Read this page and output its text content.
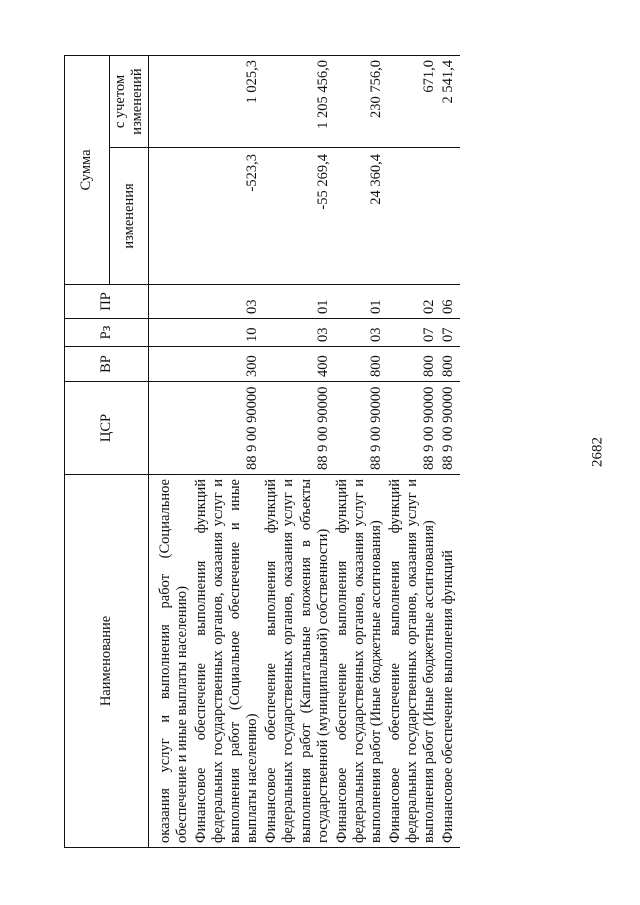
2682
Наименование	ЦСР	ВР	Рз	ПР	Сумма	
					изменения	с учетом изменений

оказания услуг и выполнения работ (Социальное обеспечение и иные выплаты населению)						
Финансовое обеспечение выполнения функций федеральных государственных органов, оказания услуг и выполнения работ (Социальное обеспечение и иные выплаты населению)	88 9 00 90000	300	10	03	-523,3	1 025,3
Финансовое обеспечение выполнения функций федеральных государственных органов, оказания услуг и выполнения работ (Капитальные вложения в объекты государственной (муниципальной) собственности)	88 9 00 90000	400	03	01	-55 269,4	1 205 456,0
Финансовое обеспечение выполнения функций федеральных государственных органов, оказания услуг и выполнения работ (Иные бюджетные ассигнования)	88 9 00 90000	800	03	01	24 360,4	230 756,0
Финансовое обеспечение выполнения функций федеральных государственных органов, оказания услуг и выполнения работ (Иные бюджетные ассигнования)	88 9 00 90000	800	07	02		671,0
Финансовое обеспечение выполнения функций	88 9 00 90000	800	07	06		2 541,4
